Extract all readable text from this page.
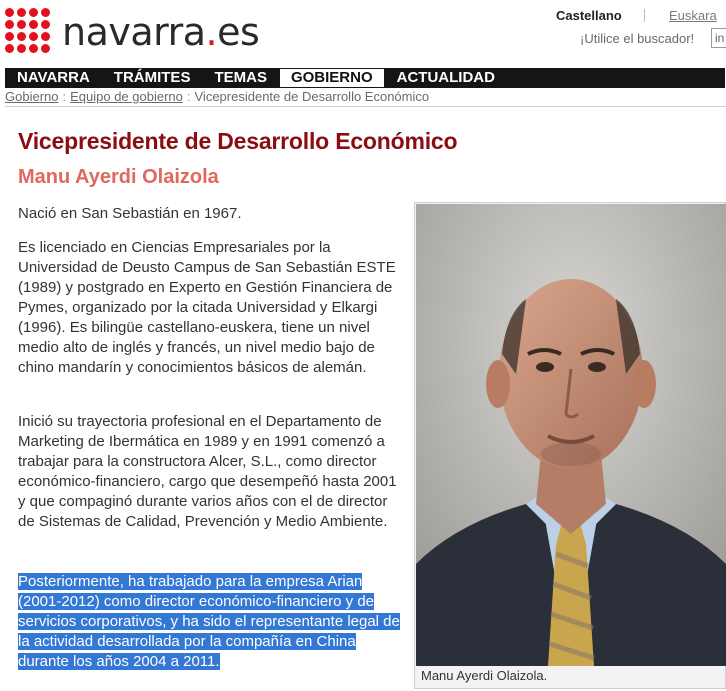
navarra.es	Castellano	Euskara
¡Utilice el buscador!	in
NAVARRA	TRÁMITES	TEMAS	GOBIERNO	ACTUALIDAD
Gobierno : Equipo de gobierno : Vicepresidente de Desarrollo Económico
Vicepresidente de Desarrollo Económico
Manu Ayerdi Olaizola

Nació en San Sebastián en 1967.

Es licenciado en Ciencias Empresariales por la Universidad de Deusto Campus de San Sebastián ESTE (1989) y postgrado en Experto en Gestión Financiera de Pymes, organizado por la citada Universidad y Elkargi (1996). Es bilingüe castellano-euskera, tiene un nivel medio alto de inglés y francés, un nivel medio bajo de chino mandarín y conocimientos básicos de alemán.

Inició su trayectoria profesional en el Departamento de Marketing de Ibermática en 1989 y en 1991 comenzó a trabajar para la constructora Alcer, S.L., como director económico-financiero, cargo que desempeñó hasta 2001 y que compaginó durante varios años con el de director de Sistemas de Calidad, Prevención y Medio Ambiente.

Posteriormente, ha trabajado para la empresa Arian (2001-2012) como director económico-financiero y de servicios corporativos, y ha sido el representante legal de la actividad desarrollada por la compañía en China durante los años 2004 a 2011.

Manu Ayerdi Olaizola.
